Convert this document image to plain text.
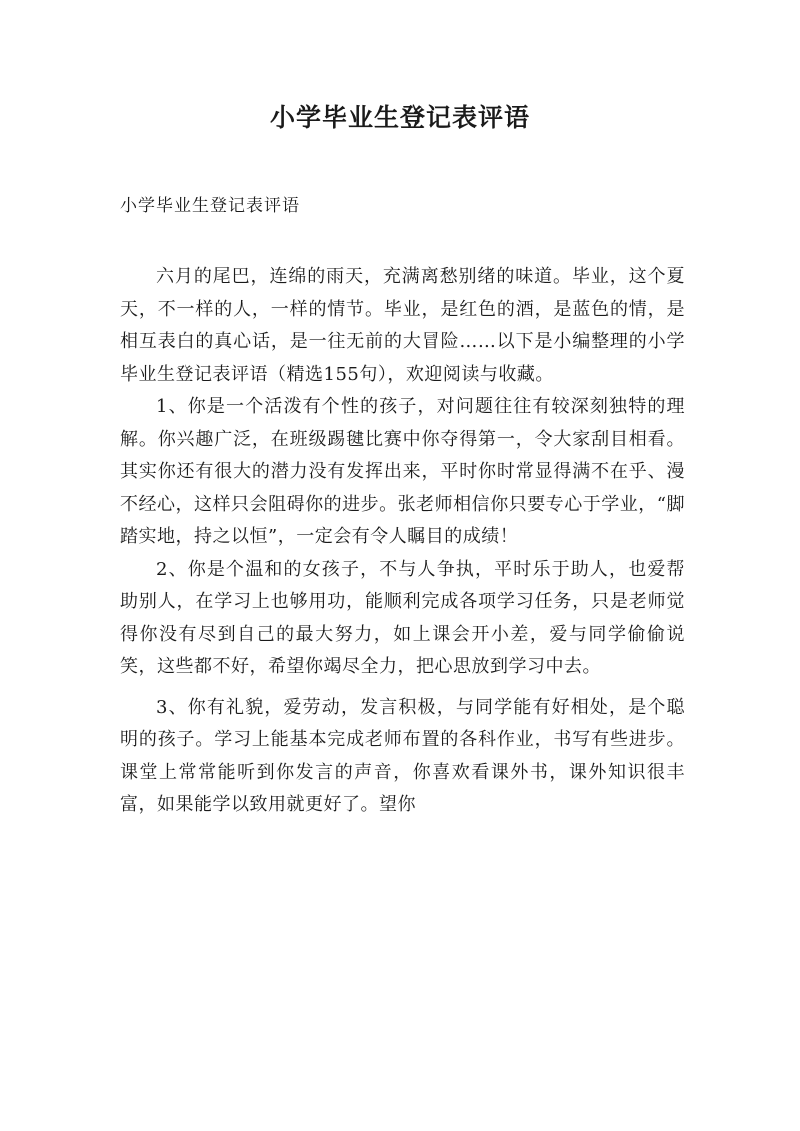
小学毕业生登记表评语

小学毕业生登记表评语

六月的尾巴，连绵的雨天，充满离愁别绪的味道。毕业，这个夏天，不一样的人，一样的情节。毕业，是红色的酒，是蓝色的情，是相互表白的真心话，是一往无前的大冒险……以下是小编整理的小学毕业生登记表评语（精选155句），欢迎阅读与收藏。

1、你是一个活泼有个性的孩子，对问题往往有较深刻独特的理解。你兴趣广泛，在班级踢毽比赛中你夺得第一，令大家刮目相看。其实你还有很大的潜力没有发挥出来，平时你时常显得满不在乎、漫不经心，这样只会阻碍你的进步。张老师相信你只要专心于学业，“脚踏实地，持之以恒”，一定会有令人瞩目的成绩！

2、你是个温和的女孩子，不与人争执，平时乐于助人，也爱帮助别人，在学习上也够用功，能顺利完成各项学习任务，只是老师觉得你没有尽到自己的最大努力，如上课会开小差，爱与同学偷偷说笑，这些都不好，希望你竭尽全力，把心思放到学习中去。

3、你有礼貌，爱劳动，发言积极，与同学能有好相处，是个聪明的孩子。学习上能基本完成老师布置的各科作业，书写有些进步。课堂上常常能听到你发言的声音，你喜欢看课外书，课外知识很丰富，如果能学以致用就更好了。望你
